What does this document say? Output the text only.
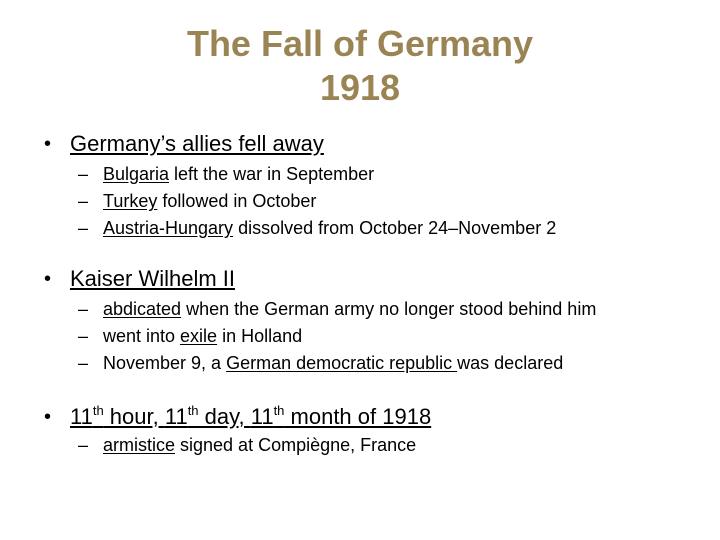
The Fall of Germany
1918
• Germany’s allies fell away
– Bulgaria left the war in September
– Turkey followed in October
– Austria-Hungary dissolved from October 24–November 2
• Kaiser Wilhelm II
– abdicated when the German army no longer stood behind him
– went into exile in Holland
– November 9, a German democratic republic was declared
• 11th hour, 11th day, 11th month of 1918
– armistice signed at Compiègne, France
